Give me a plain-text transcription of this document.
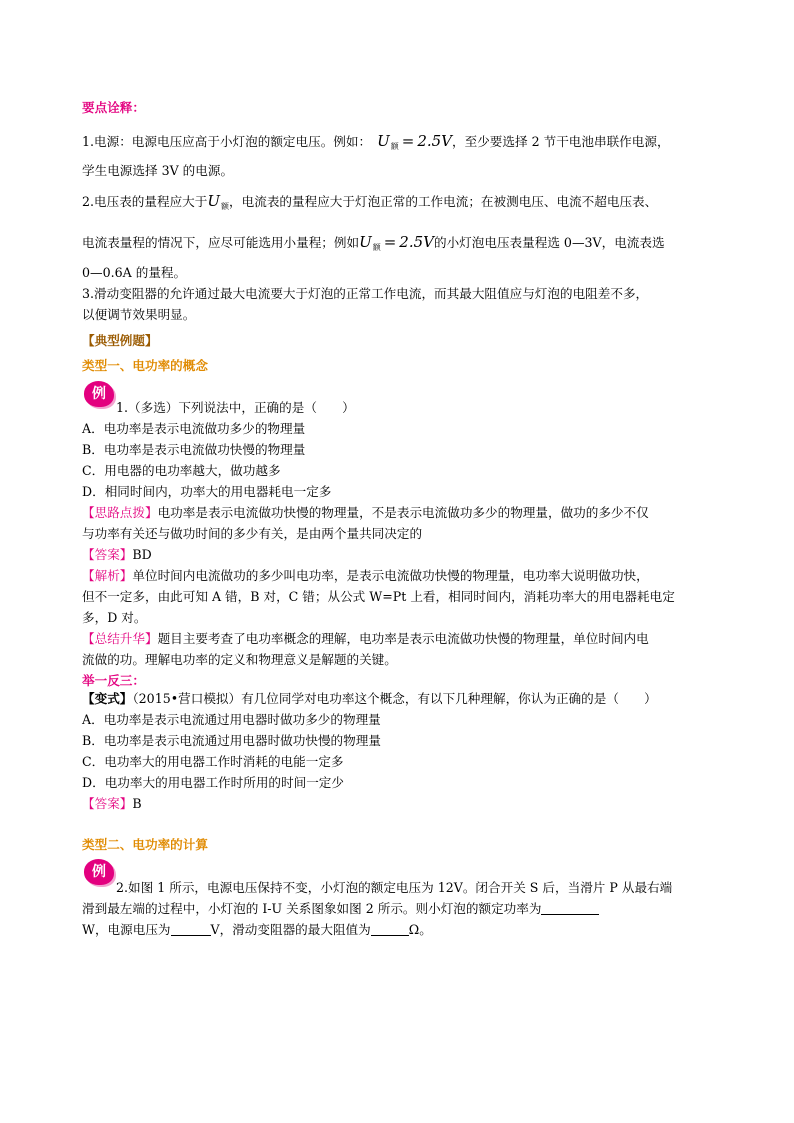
要点诠释：
1.电源：电源电压应高于小灯泡的额定电压。例如： $U_额 = 2.5V$，至少要选择 2 节干电池串联作电源，
学生电源选择 3V 的电源。
2.电压表的量程应大于$U_额$，电流表的量程应大于灯泡正常的工作电流；在被测电压、电流不超电压表、
电流表量程的情况下，应尽可能选用小量程；例如$U_额 = 2.5V$的小灯泡电压表量程选 0—3V，电流表选
0—0.6A 的量程。
3.滑动变阻器的允许通过最大电流要大于灯泡的正常工作电流，而其最大阻值应与灯泡的电阻差不多，
以便调节效果明显。
【典型例题】
类型一、电功率的概念
例
1.（多选）下列说法中，正确的是（　　）
A．电功率是表示电流做功多少的物理量
B．电功率是表示电流做功快慢的物理量
C．用电器的电功率越大，做功越多
D．相同时间内，功率大的用电器耗电一定多
【思路点拨】电功率是表示电流做功快慢的物理量，不是表示电流做功多少的物理量，做功的多少不仅
与功率有关还与做功时间的多少有关，是由两个量共同决定的
【答案】BD
【解析】单位时间内电流做功的多少叫电功率，是表示电流做功快慢的物理量，电功率大说明做功快，
但不一定多，由此可知 A 错，B 对，C 错；从公式 W=Pt 上看，相同时间内，消耗功率大的用电器耗电定
多，D 对。
【总结升华】题目主要考查了电功率概念的理解，电功率是表示电流做功快慢的物理量，单位时间内电
流做的功。理解电功率的定义和物理意义是解题的关键。
举一反三：
【变式】（2015•营口模拟）有几位同学对电功率这个概念，有以下几种理解，你认为正确的是（　　）
A．电功率是表示电流通过用电器时做功多少的物理量
B．电功率是表示电流通过用电器时做功快慢的物理量
C．电功率大的用电器工作时消耗的电能一定多
D．电功率大的用电器工作时所用的时间一定少
【答案】B
类型二、电功率的计算
例
2.如图 1 所示，电源电压保持不变，小灯泡的额定电压为 12V。闭合开关 S 后，当滑片 P 从最右端
滑到最左端的过程中，小灯泡的 I-U 关系图象如图 2 所示。则小灯泡的额定功率为
W，电源电压为	V，滑动变阻器的最大阻值为	Ω。
